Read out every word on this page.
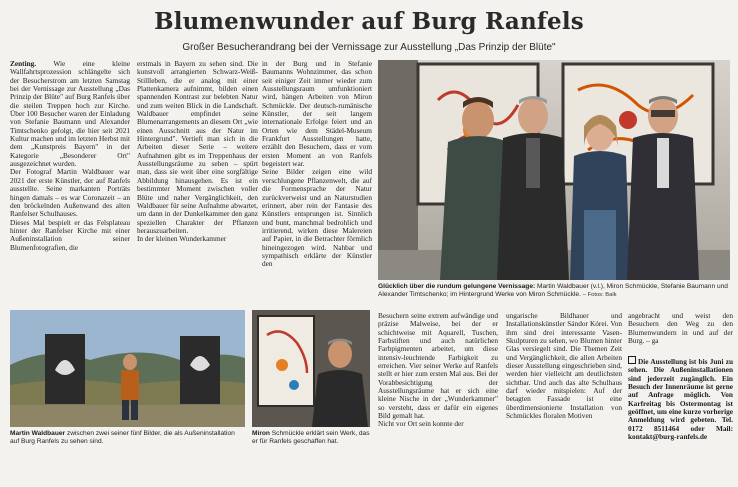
Blumenwunder auf Burg Ranfels
Großer Besucherandrang bei der Vernissage zur Ausstellung „Das Prinzip der Blüte"
Zenting. Wie eine kleine Wallfahrtsprozession schlängelte sich der Besucherstrom am letzten Samstag bei der Vernissage zur Ausstellung „Das Prinzip der Blüte" auf Burg Ranfels über die steilen Treppen hoch zur Kirche. Über 100 Besucher waren der Einladung von Stefanie Baumann und Alexander Timtschenko gefolgt, die hier seit 2021 Kultur machen und im letzten Herbst mit dem „Kunstpreis Bayern" in der Kategorie „Besonderer Ort" ausgezeichnet wurden.
Der Fotograf Martin Waldbauer war 2021 der erste Künstler, der auf Ranfels ausstellte. Seine markanten Porträts hingen damals – es war Coronazeit – an den bröckelnden Außenwand des alten Ranfelser Schulhauses.
Dieses Mal bespielt er das Felsplateau hinter der Ranfelser Kirche mit einer Außeninstallation seiner Blumenfotografien, die
erstmals in Bayern zu sehen sind. Die kunstvoll arrangierten Schwarz-Weiß-Stillleben, die er analog mit einer Plattenkamera aufnimmt, bilden einen spannenden Kontrast zur belebten Natur und zum weiten Blick in die Landschaft. Waldbauer empfindet seine Blumenarrangements an diesem Ort „wie einen Ausschnitt aus der Natur im Hintergrund". Vertieft man sich in die Arbeiten dieser Serie – weitere Aufnahmen gibt es im Treppenhaus der Ausstellungsräume zu sehen – spürt man, dass sie weit über eine sorgfältige Abbildung hinausgehen. Es ist ein bestimmter Moment zwischen voller Blüte und naher Vergänglichkeit, den Waldbauer für seine Aufnahme abwartet, um dann in der Dunkelkammer den ganz speziellen Charakter der Pflanzen herauszuarbeiten.
In der kleinen Wunderkammer
in der Burg und in Stefanie Baumanns Wohnzimmer, das schon seit einiger Zeit immer wieder zum Ausstellungsraum umfunktioniert wird, hängen Arbeiten von Miron Schmückle. Der deutsch-rumänische Künstler, der seit langem internationale Erfolge feiert und an Orten wie dem Städel-Museum Frankfurt Ausstellungen hatte, erzählt den Besuchern, dass er vom ersten Moment an von Ranfels begeistert war.
Seine Bilder zeigen eine wild verschlungene Pflanzenwelt, die auf die Formensprache der Natur zurückverweist und an Naturstudien erinnert, aber rein der Fantasie des Künstlers entsprungen ist. Sinnlich und bunt, manchmal bedrohlich und irritierend, wirken diese Malereien auf Papier, in die Betrachter förmlich hineingezogen wird. Nahbar und sympathisch erklärte der Künstler den
Glücklich über die rundum gelungene Vernissage: Martin Waldbauer (v.l.), Miron Schmückle, Stefanie Baumann und Alexander Timtschenko; im Hintergrund Werke von Miron Schmückle. – Fotos: Balk
Martin Waldbauer zwischen zwei seiner fünf Bilder, die als Außeninstallation auf Burg Ranfels zu sehen sind.
Miron Schmückle erklärt sein Werk, das er für Ranfels geschaffen hat.
Besuchern seine extrem aufwändige und präzise Malweise, bei der er schichtweise mit Aquarell, Tuschen, Farbstiften und auch natürlichen Farbpigmenten arbeitet, um diese intensiv-leuchtende Farbigkeit zu erreichen. Vier seiner Werke auf Ranfels stellt er hier zum ersten Mal aus. Bei der Vorabbesichtigung der Ausstellungsräume hat er sich eine kleine Nische in der „Wunderkammer" so versteht, dass er dafür ein eigenes Bild gemalt hat.
Nicht vor Ort sein konnte der
ungarische Bildhauer und Installationskünstler Sándor Kórei. Von ihm sind drei interessante Vasen-Skulpturen zu sehen, wo Blumen hinter Glas versiegelt sind. Die Themen Zeit und Vergänglichkeit, die allen Arbeiten dieser Ausstellung eingeschrieben sind, werden hier vielleicht am deutlichsten sichtbar. Und auch das alte Schulhaus darf wieder mitspielen: Auf der betagten Fassade ist eine überdimensionierte Installation von Schmückles floralen Motiven
angebracht und weist den Besuchern den Weg zu den Blumenwundern in und auf der Burg. – ga
Die Ausstellung ist bis Juni zu sehen. Die Außeninstallationen sind jederzeit zugänglich. Ein Besuch der Innenräume ist gerne auf Anfrage möglich. Von Karfreitag bis Ostermontag ist geöffnet, um eine kurze vorherige Anmeldung wird gebeten. Tel. 0172 8511464 oder Mail: kontakt@burg-ranfels.de
